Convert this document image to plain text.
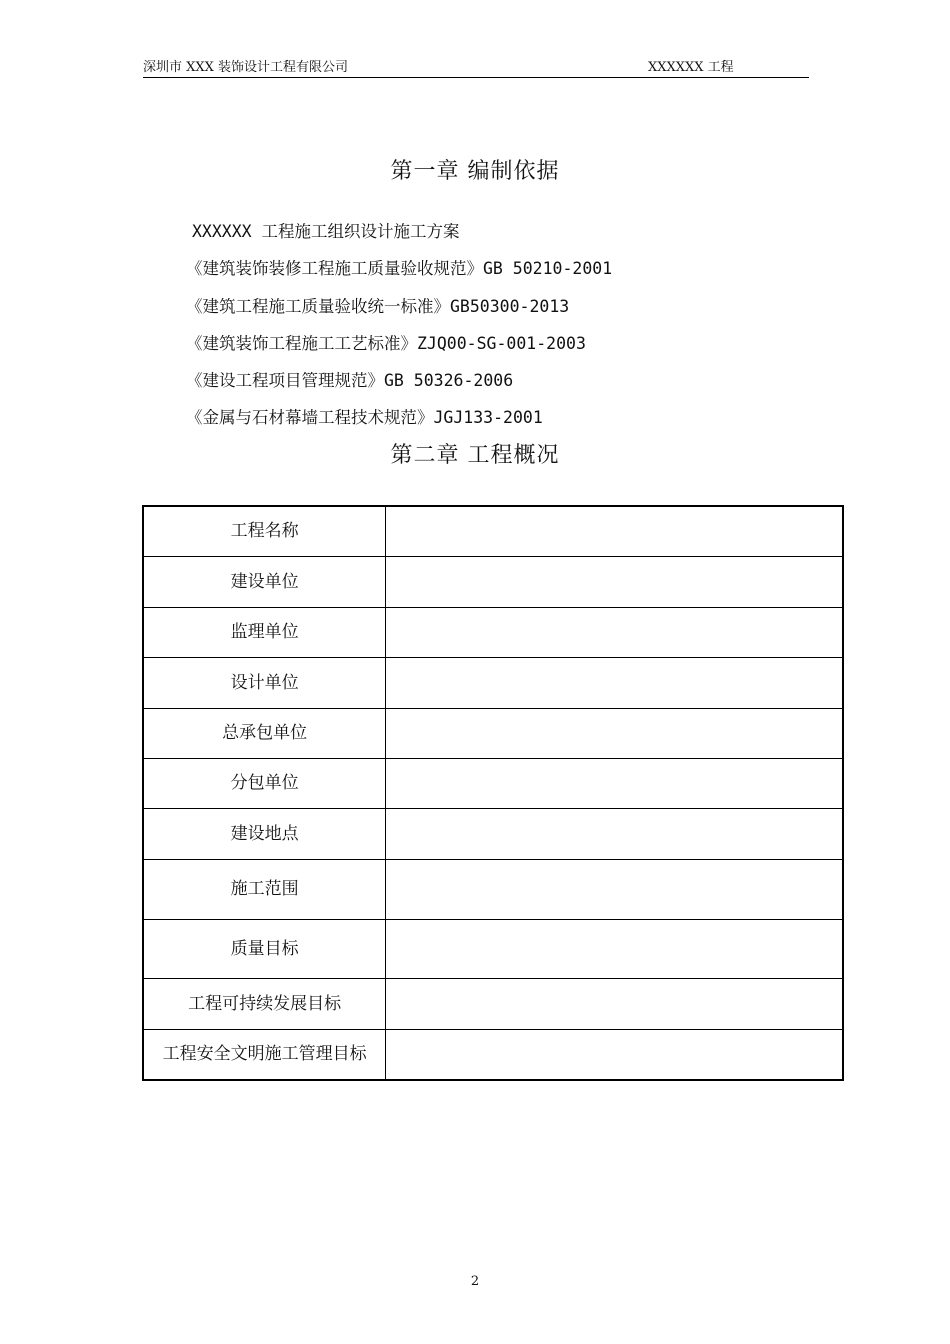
深圳市 XXX 装饰设计工程有限公司	XXXXXX 工程
第一章 编制依据
XXXXXX 工程施工组织设计施工方案
《建筑装饰装修工程施工质量验收规范》GB 50210-2001
《建筑工程施工质量验收统一标准》GB50300-2013
《建筑装饰工程施工工艺标准》ZJQ00-SG-001-2003
《建设工程项目管理规范》GB 50326-2006
《金属与石材幕墙工程技术规范》JGJ133-2001
第二章 工程概况
工程名称	
建设单位	
监理单位	
设计单位	
总承包单位	
分包单位	
建设地点	
施工范围	
质量目标	
工程可持续发展目标	
工程安全文明施工管理目标	
2
